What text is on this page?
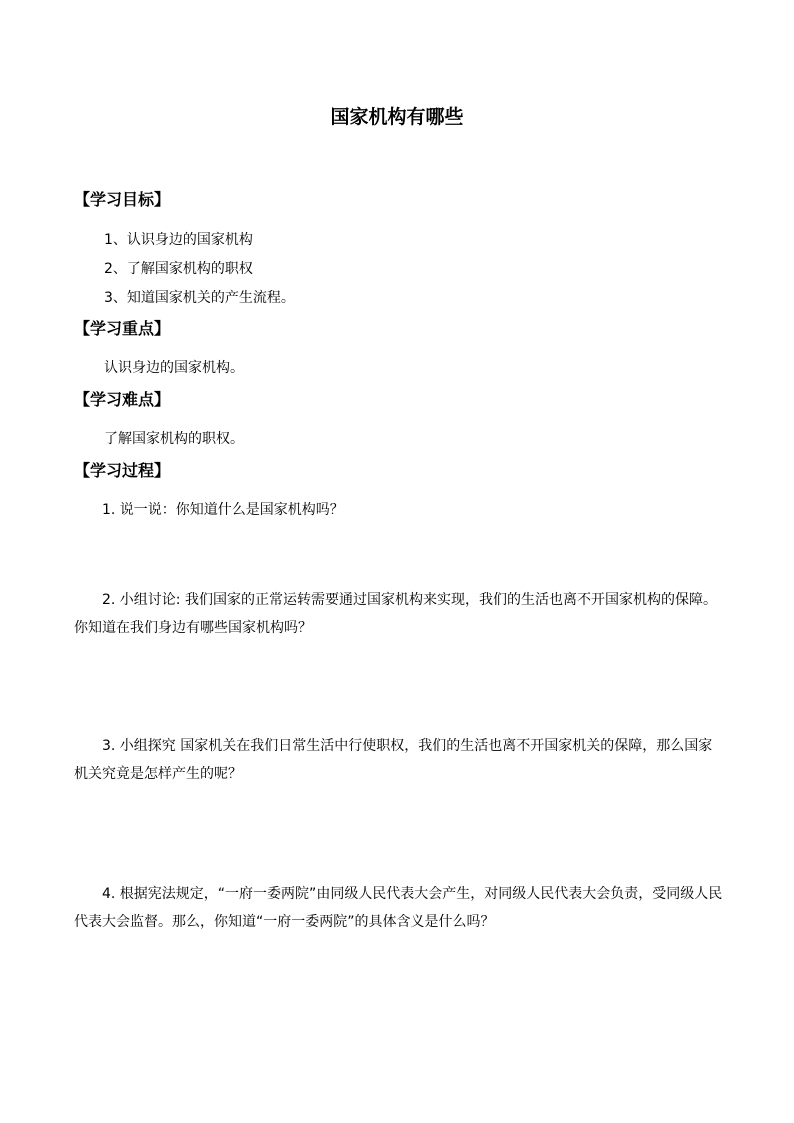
国家机构有哪些
【学习目标】

1、认识身边的国家机构

2、了解国家机构的职权

3、知道国家机关的产生流程。

【学习重点】

认识身边的国家机构。

【学习难点】

了解国家机构的职权。

【学习过程】

1. 说一说：你知道什么是国家机构吗？

2. 小组讨论: 我们国家的正常运转需要通过国家机构来实现，我们的生活也离不开国家机构的保障。你知道在我们身边有哪些国家机构吗？

3. 小组探究 国家机关在我们日常生活中行使职权，我们的生活也离不开国家机关的保障，那么国家机关究竟是怎样产生的呢？

4. 根据宪法规定，“一府一委两院”由同级人民代表大会产生，对同级人民代表大会负责，受同级人民代表大会监督。那么，你知道“一府一委两院”的具体含义是什么吗？
